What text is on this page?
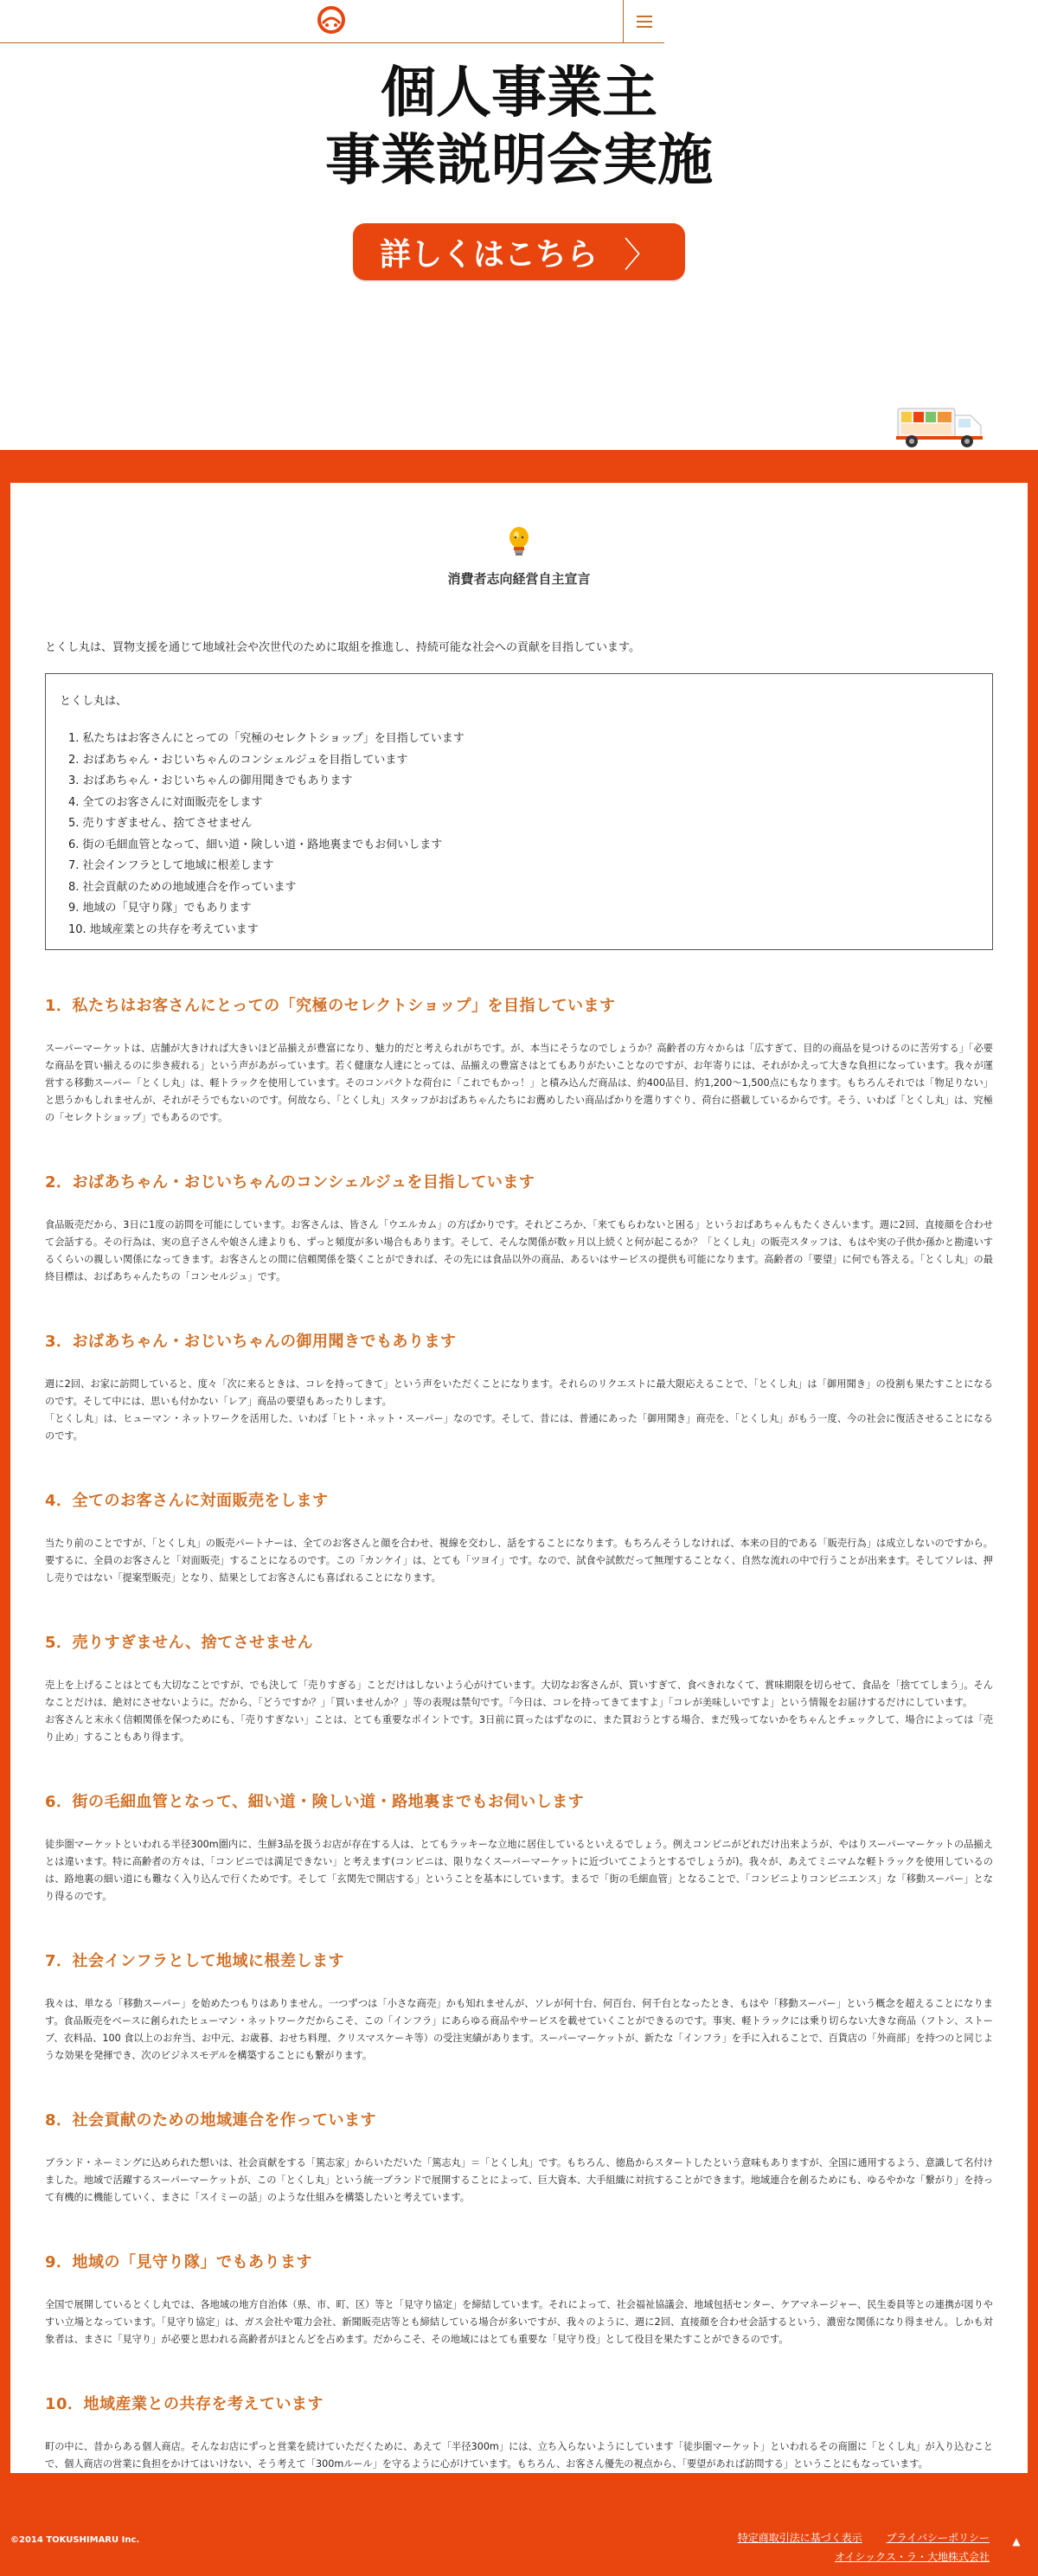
個人事業主
事業説明会実施
詳しくはこちら 〉
消費者志向経営自主宣言

とくし丸は、買物支援を通じて地域社会や次世代のために取組を推進し、持続可能な社会への貢献を目指しています。

とくし丸は、

1. 私たちはお客さんにとっての「究極のセレクトショップ」を目指しています
2. おばあちゃん・おじいちゃんのコンシェルジュを目指しています
3. おばあちゃん・おじいちゃんの御用聞きでもあります
4. 全てのお客さんに対面販売をします
5. 売りすぎません、捨てさせません
6. 街の毛細血管となって、細い道・険しい道・路地裏までもお伺いします
7. 社会インフラとして地域に根差します
8. 社会貢献のための地域連合を作っています
9. 地域の「見守り隊」でもあります
10. 地域産業との共存を考えています
1．私たちはお客さんにとっての「究極のセレクトショップ」を目指しています

スーパーマーケットは、店舗が大きければ大きいほど品揃えが豊富になり、魅力的だと考えられがちです。が、本当にそうなのでしょうか？高齢者の方々からは「広すぎて、目的の商品を見つけるのに苦労する」「必要な商品を買い揃えるのに歩き疲れる」という声があがっています。若く健康な人達にとっては、品揃えの豊富さはとてもありがたいことなのですが、お年寄りには、それがかえって大きな負担になっています。我々が運営する移動スーパー「とくし丸」は、軽トラックを使用しています。そのコンパクトな荷台に「これでもかっ！」と積み込んだ商品は、約400品目、約1,200〜1,500点にもなります。もちろんそれでは「物足りない」と思うかもしれませんが、それがそうでもないのです。何故なら、「とくし丸」スタッフがおばあちゃんたちにお薦めしたい商品ばかりを選りすぐり、荷台に搭載しているからです。そう、いわば「とくし丸」は、究極の「セレクトショップ」でもあるのです。

2．おばあちゃん・おじいちゃんのコンシェルジュを目指しています

食品販売だから、3日に1度の訪問を可能にしています。お客さんは、皆さん「ウエルカム」の方ばかりです。それどころか、「来てもらわないと困る」というおばあちゃんもたくさんいます。週に2回、直接顔を合わせて会話する。その行為は、実の息子さんや娘さん達よりも、ずっと頻度が多い場合もあります。そして、そんな関係が数ヶ月以上続くと何が起こるか？「とくし丸」の販売スタッフは、もはや実の子供か孫かと勘違いするくらいの親しい関係になってきます。お客さんとの間に信頼関係を築くことができれば、その先には食品以外の商品、あるいはサービスの提供も可能になります。高齢者の「要望」に何でも答える。「とくし丸」の最終目標は、おばあちゃんたちの「コンセルジュ」です。

3．おばあちゃん・おじいちゃんの御用聞きでもあります

週に2回、お家に訪問していると、度々「次に来るときは、コレを持ってきて」という声をいただくことになります。それらのリクエストに最大限応えることで、「とくし丸」は「御用聞き」の役割も果たすことになるのです。そして中には、思いも付かない「レア」商品の要望もあったりします。
「とくし丸」は、ヒューマン・ネットワークを活用した、いわば「ヒト・ネット・スーパー」なのです。そして、昔には、普通にあった「御用聞き」商売を、「とくし丸」がもう一度、今の社会に復活させることになるのです。

4．全てのお客さんに対面販売をします

当たり前のことですが、「とくし丸」の販売パートナーは、全てのお客さんと顔を合わせ、視線を交わし、話をすることになります。もちろんそうしなければ、本来の目的である「販売行為」は成立しないのですから。要するに、全員のお客さんと「対面販売」することになるのです。この「カンケイ」は、とても「ツヨイ」です。なので、試食や試飲だって無理することなく、自然な流れの中で行うことが出来ます。そしてソレは、押し売りではない「提案型販売」となり、結果としてお客さんにも喜ばれることになります。

5．売りすぎません、捨てさせません

売上を上げることはとても大切なことですが、でも決して「売りすぎる」ことだけはしないよう心がけています。大切なお客さんが、買いすぎて、食べきれなくて、賞味期限を切らせて、食品を「捨ててしまう」。そんなことだけは、絶対にさせないように。だから、「どうですか？」「買いませんか？」等の表現は禁句です。「今日は、コレを持ってきてますよ」「コレが美味しいですよ」という情報をお届けするだけにしています。
お客さんと末永く信頼関係を保つためにも、「売りすぎない」ことは、とても重要なポイントです。3日前に買ったはずなのに、また買おうとする場合、まだ残ってないかをちゃんとチェックして、場合によっては「売り止め」することもあり得ます。

6．街の毛細血管となって、細い道・険しい道・路地裏までもお伺いします

徒歩圏マーケットといわれる半径300m圏内に、生鮮3品を扱うお店が存在する人は、とてもラッキーな立地に居住しているといえるでしょう。例えコンビニがどれだけ出来ようが、やはりスーパーマーケットの品揃えとは違います。特に高齢者の方々は、「コンビニでは満足できない」と考えます(コンビニは、限りなくスーパーマーケットに近づいてこようとするでしょうが)。我々が、あえてミニマムな軽トラックを使用しているのは、路地裏の細い道にも難なく入り込んで行くためです。そして「玄関先で開店する」ということを基本にしています。まるで「街の毛細血管」となることで、「コンビニよりコンビニエンス」な「移動スーパー」となり得るのです。

7．社会インフラとして地域に根差します

我々は、単なる「移動スーパー」を始めたつもりはありません。一つずつは「小さな商売」かも知れませんが、ソレが何十台、何百台、何千台となったとき、もはや「移動スーパー」という概念を超えることになります。食品販売をベースに創られたヒューマン・ネットワークだからこそ、この「インフラ」にあらゆる商品やサービスを載せていくことができるのです。事実、軽トラックには乗り切らない大きな商品（フトン、ストーブ、衣料品、100 食以上のお弁当、お中元、お歳暮、おせち料理、クリスマスケーキ等）の受注実績があります。スーパーマーケットが、新たな「インフラ」を手に入れることで、百貨店の「外商部」を持つのと同じような効果を発揮でき、次のビジネスモデルを構築することにも繋がります。

8．社会貢献のための地域連合を作っています

ブランド・ネーミングに込められた想いは、社会貢献をする「篤志家」からいただいた「篤志丸」＝「とくし丸」です。もちろん、徳島からスタートしたという意味もありますが、全国に通用するよう、意識して名付けました。地域で活躍するスーパーマーケットが、この「とくし丸」という統一ブランドで展開することによって、巨大資本、大手組織に対抗することができます。地域連合を創るためにも、ゆるやかな「繋がり」を持って有機的に機能していく、まさに「スイミーの話」のような仕組みを構築したいと考えています。

9．地域の「見守り隊」でもあります

全国で展開しているとくし丸では、各地域の地方自治体（県、市、町、区）等と「見守り協定」を締結しています。それによって、社会福祉協議会、地域包括センター、ケアマネージャー、民生委員等との連携が図りやすい立場となっています。「見守り協定」は、ガス会社や電力会社、新聞販売店等とも締結している場合が多いですが、我々のように、週に2回、直接顔を合わせ会話するという、濃密な関係になり得ません。しかも対象者は、まさに「見守り」が必要と思われる高齢者がほとんどを占めます。だからこそ、その地域にはとても重要な「見守り役」として役目を果たすことができるのです。

10．地域産業との共存を考えています

町の中に、昔からある個人商店。そんなお店にずっと営業を続けていただくために、あえて「半径300m」には、立ち入らないようにしています「徒歩圏マーケット」といわれるその商圏に「とくし丸」が入り込むことで、個人商店の営業に負担をかけてはいけない、そう考えて「300mルール」を守るように心がけています。もちろん、お客さん優先の視点から、「要望があれば訪問する」ということにもなっています。

©2014 TOKUSHIMARU Inc.	特定商取引法に基づく表示 プライバシーポリシー
オイシックス・ラ・大地株式会社
▲
